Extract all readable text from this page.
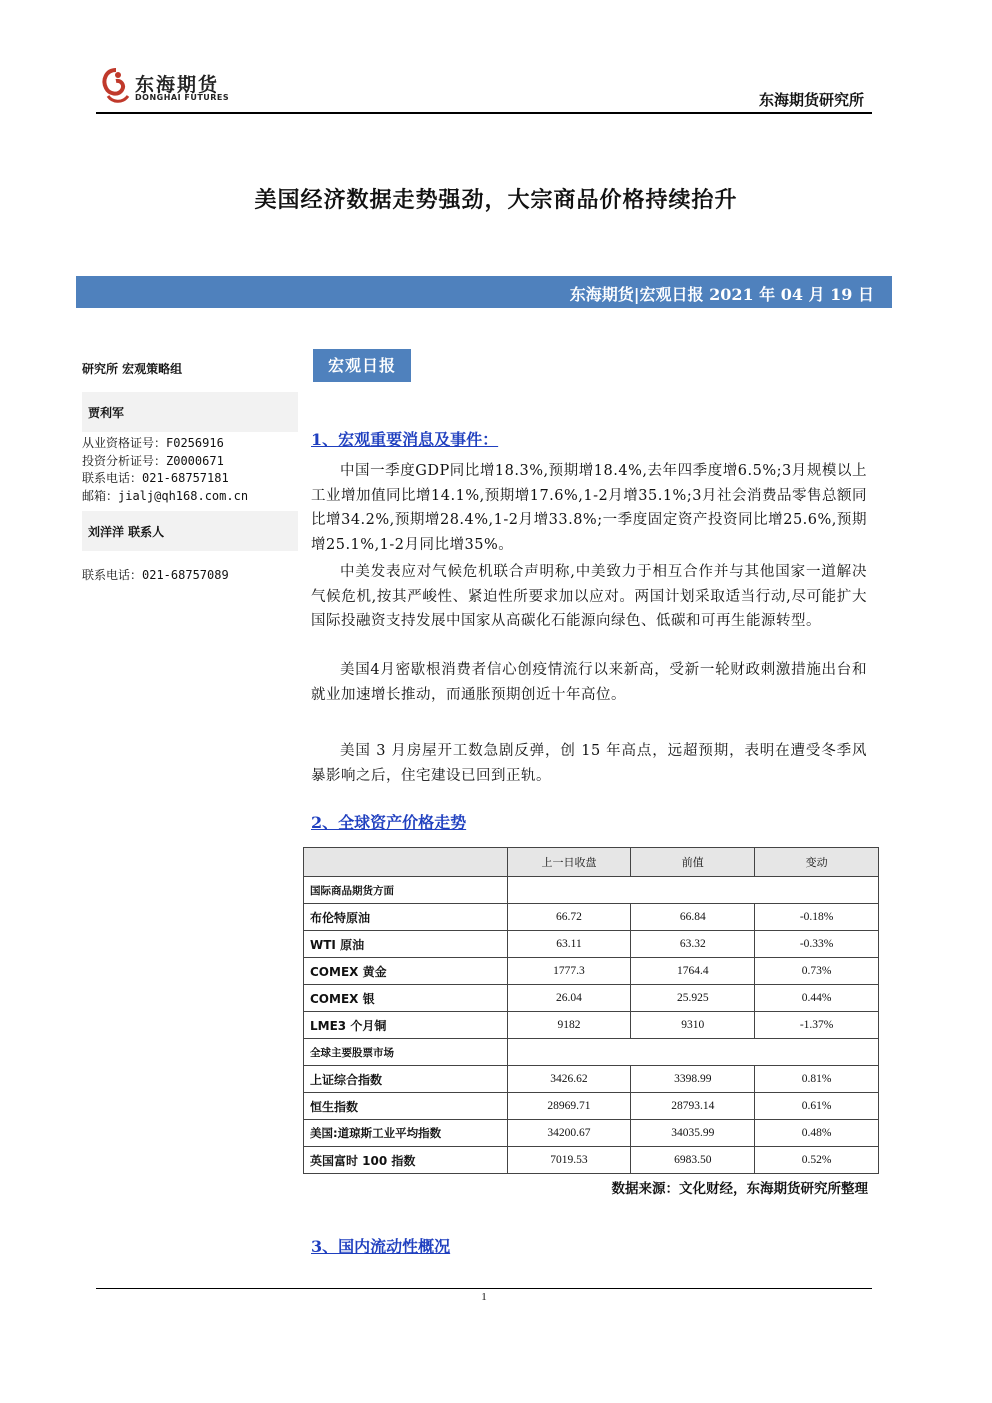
东海期货
DONGHAI FUTURES	东海期货研究所
美国经济数据走势强劲，大宗商品价格持续抬升
东海期货|宏观日报 2021 年 04 月 19 日
研究所 宏观策略组
贾利军
从业资格证号：F0256916
投资分析证号：Z0000671
联系电话：021-68757181
邮箱：jialj@qh168.com.cn
刘洋洋 联系人
联系电话：021-68757089
宏观日报
1、宏观重要消息及事件：
中国一季度GDP同比增18.3%,预期增18.4%,去年四季度增6.5%;3月规模以上工业增加值同比增14.1%,预期增17.6%,1-2月增35.1%;3月社会消费品零售总额同比增34.2%,预期增28.4%,1-2月增33.8%;一季度固定资产投资同比增25.6%,预期增25.1%,1-2月同比增35%。
中美发表应对气候危机联合声明称,中美致力于相互合作并与其他国家一道解决气候危机,按其严峻性、紧迫性所要求加以应对。两国计划采取适当行动,尽可能扩大国际投融资支持发展中国家从高碳化石能源向绿色、低碳和可再生能源转型。
美国4月密歇根消费者信心创疫情流行以来新高，受新一轮财政刺激措施出台和就业加速增长推动，而通胀预期创近十年高位。
美国 3 月房屋开工数急剧反弹，创 15 年高点，远超预期，表明在遭受冬季风暴影响之后，住宅建设已回到正轨。
2、全球资产价格走势
	上一日收盘	前值	变动
国际商品期货方面			
布伦特原油	66.72	66.84	-0.18%
WTI 原油	63.11	63.32	-0.33%
COMEX 黄金	1777.3	1764.4	0.73%
COMEX 银	26.04	25.925	0.44%
LME3 个月铜	9182	9310	-1.37%
全球主要股票市场			
上证综合指数	3426.62	3398.99	0.81%
恒生指数	28969.71	28793.14	0.61%
美国:道琼斯工业平均指数	34200.67	34035.99	0.48%
英国富时 100 指数	7019.53	6983.50	0.52%
数据来源：文化财经，东海期货研究所整理
3、国内流动性概况
1
